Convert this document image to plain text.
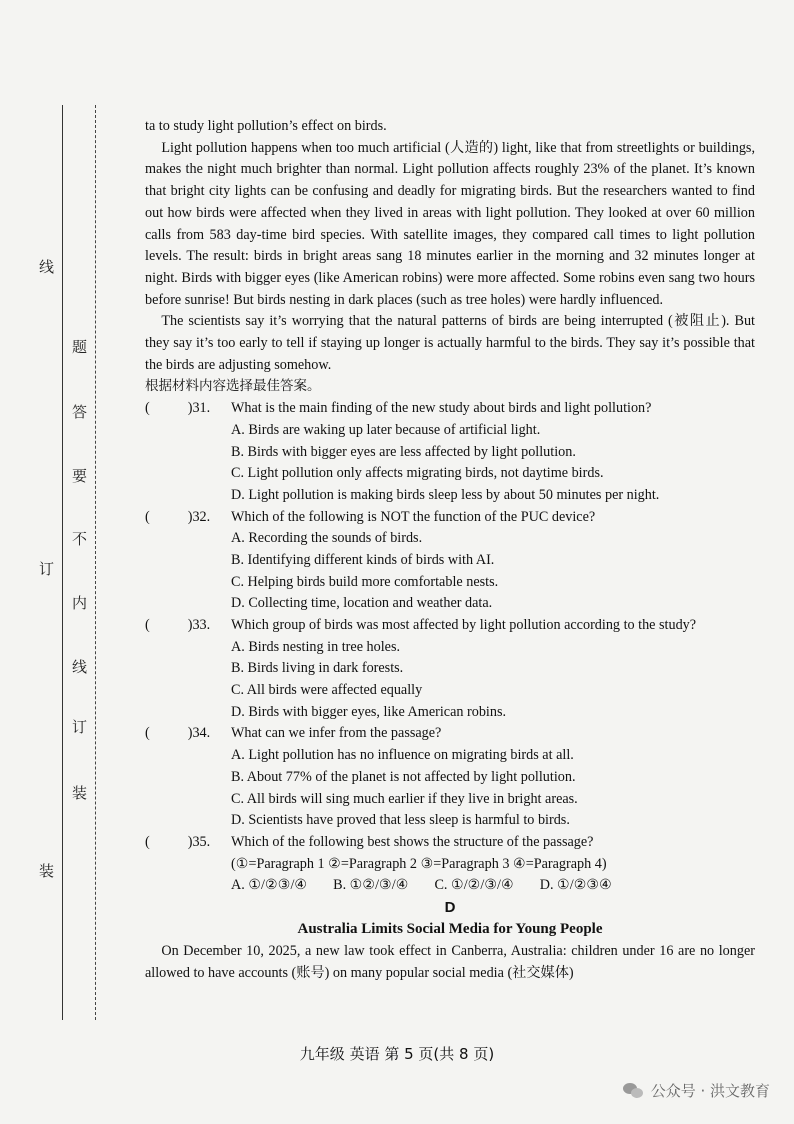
线
题
答
要
不
内
线
订
订
装
装

ta to study light pollution’s effect on birds.

Light pollution happens when too much artificial (人造的) light, like that from streetlights or buildings, makes the night much brighter than normal. Light pollution affects roughly 23% of the planet. It’s known that bright city lights can be confusing and deadly for migrating birds. But the researchers wanted to find out how birds were affected when they lived in areas with light pollution. They looked at over 60 million calls from 583 day-time bird species. With satellite images, they compared call times to light pollution levels. The result: birds in bright areas sang 18 minutes earlier in the morning and 32 minutes longer at night. Birds with bigger eyes (like American robins) were more affected. Some robins even sang two hours before sunrise! But birds nesting in dark places (such as tree holes) were hardly influenced.

The scientists say it’s worrying that the natural patterns of birds are being interrupted (被阻止). But they say it’s too early to tell if staying up longer is actually harmful to the birds. They say it’s possible that the birds are adjusting somehow.

根据材料内容选择最佳答案。

(	)31.	What is the main finding of the new study about birds and light pollution?
A. Birds are waking up later because of artificial light.
B. Birds with bigger eyes are less affected by light pollution.
C. Light pollution only affects migrating birds, not daytime birds.
D. Light pollution is making birds sleep less by about 50 minutes per night.
(	)32.	Which of the following is NOT the function of the PUC device?
A. Recording the sounds of birds.
B. Identifying different kinds of birds with AI.
C. Helping birds build more comfortable nests.
D. Collecting time, location and weather data.
(	)33.	Which group of birds was most affected by light pollution according to the study?
A. Birds nesting in tree holes.
B. Birds living in dark forests.
C. All birds were affected equally
D. Birds with bigger eyes, like American robins.
(	)34.	What can we infer from the passage?
A. Light pollution has no influence on migrating birds at all.
B. About 77% of the planet is not affected by light pollution.
C. All birds will sing much earlier if they live in bright areas.
D. Scientists have proved that less sleep is harmful to birds.
(	)35.	Which of the following best shows the structure of the passage?
(①=Paragraph 1 ②=Paragraph 2 ③=Paragraph 3 ④=Paragraph 4)
A. ①/②③/④ B. ①②/③/④ C. ①/②/③/④ D. ①/②③④
D
Australia Limits Social Media for Young People

On December 10, 2025, a new law took effect in Canberra, Australia: children under 16 are no longer allowed to have accounts (账号) on many popular social media (社交媒体)

九年级 英语 第 5 页(共 8 页)
公众号 · 洪文教育
